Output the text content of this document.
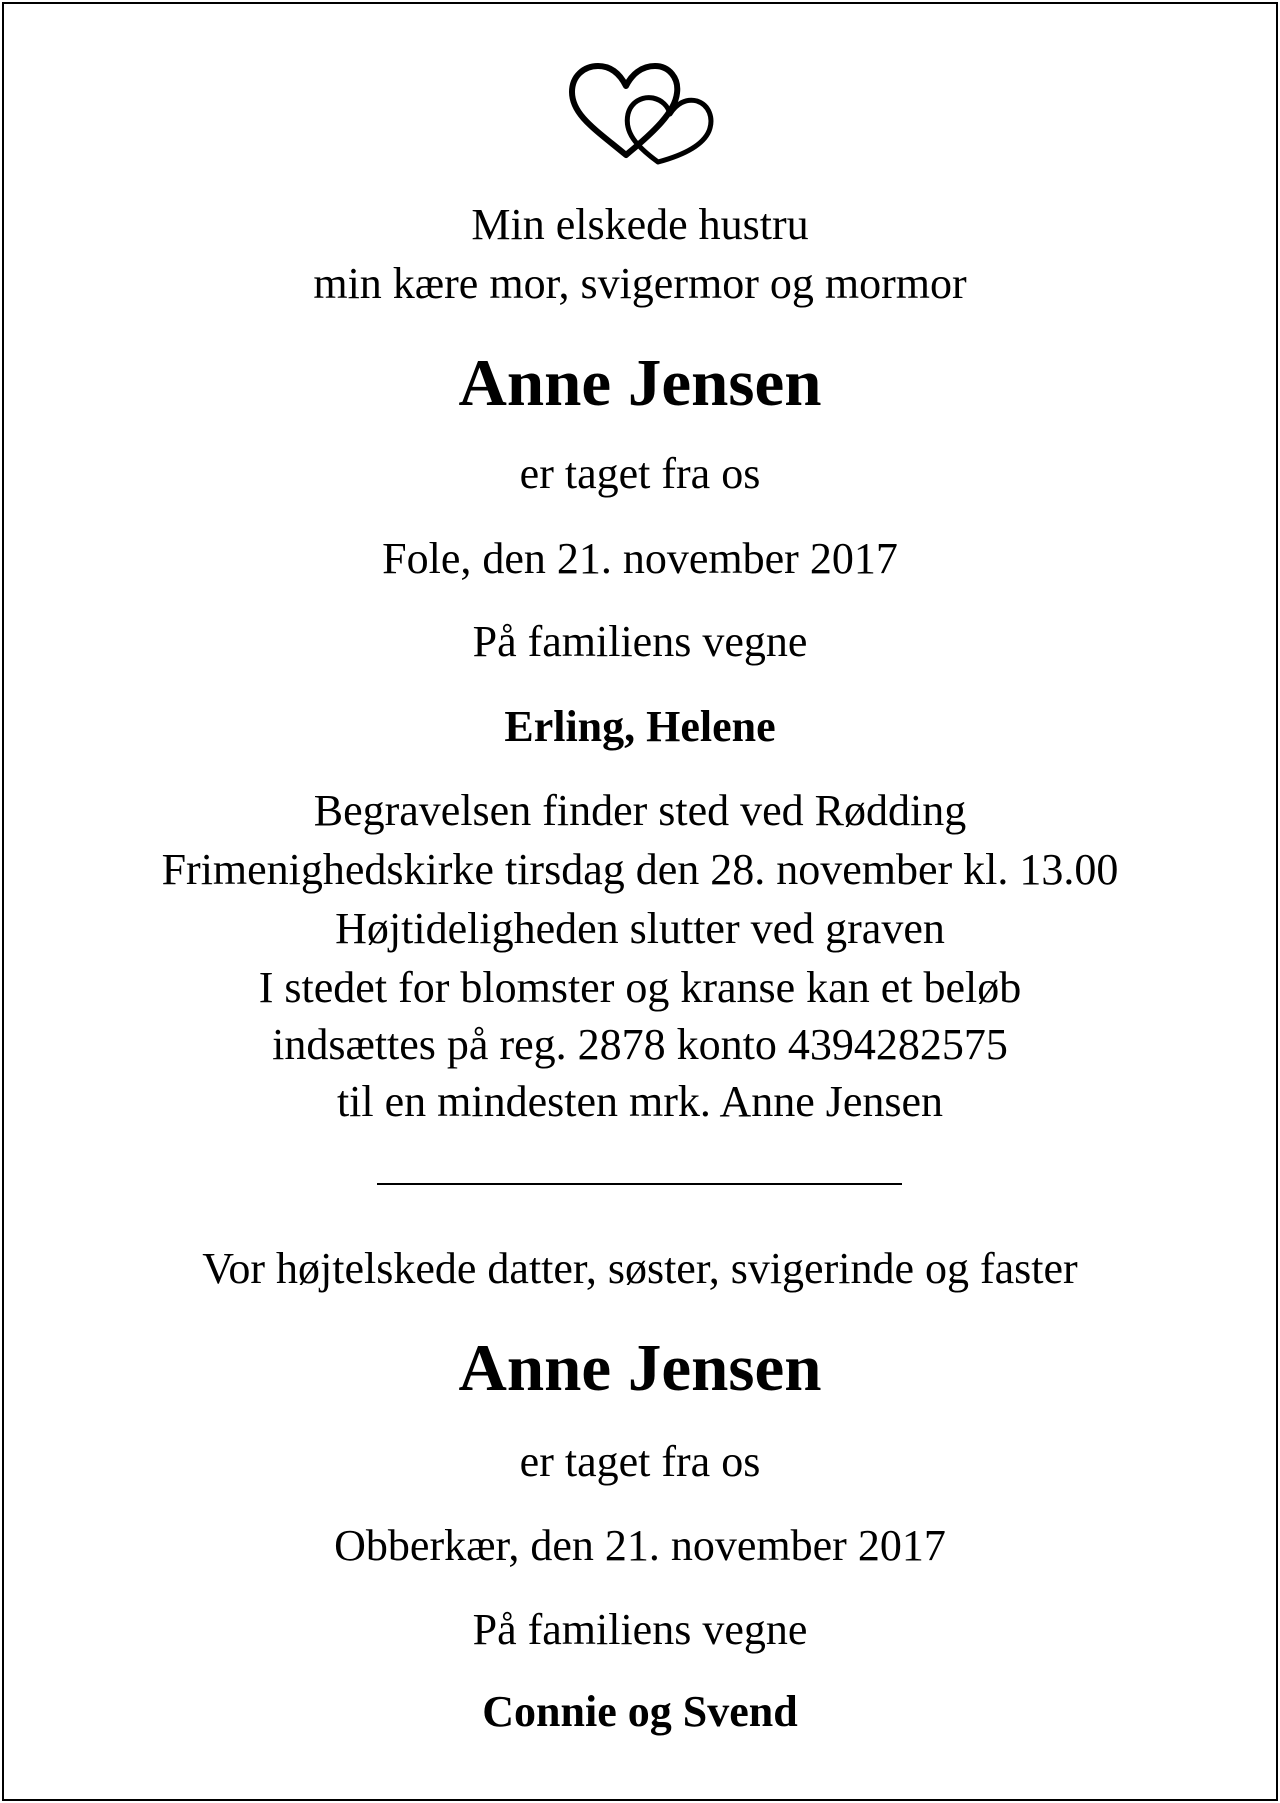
Min elskede hustru
min kære mor, svigermor og mormor
Anne Jensen
er taget fra os
Fole, den 21. november 2017
På familiens vegne
Erling, Helene
Begravelsen finder sted ved Rødding
Frimenighedskirke tirsdag den 28. november kl. 13.00
Højtideligheden slutter ved graven
I stedet for blomster og kranse kan et beløb
indsættes på reg. 2878 konto 4394282575
til en mindesten mrk. Anne Jensen
Vor højtelskede datter, søster, svigerinde og faster
Anne Jensen
er taget fra os
Obberkær, den 21. november 2017
På familiens vegne
Connie og Svend
